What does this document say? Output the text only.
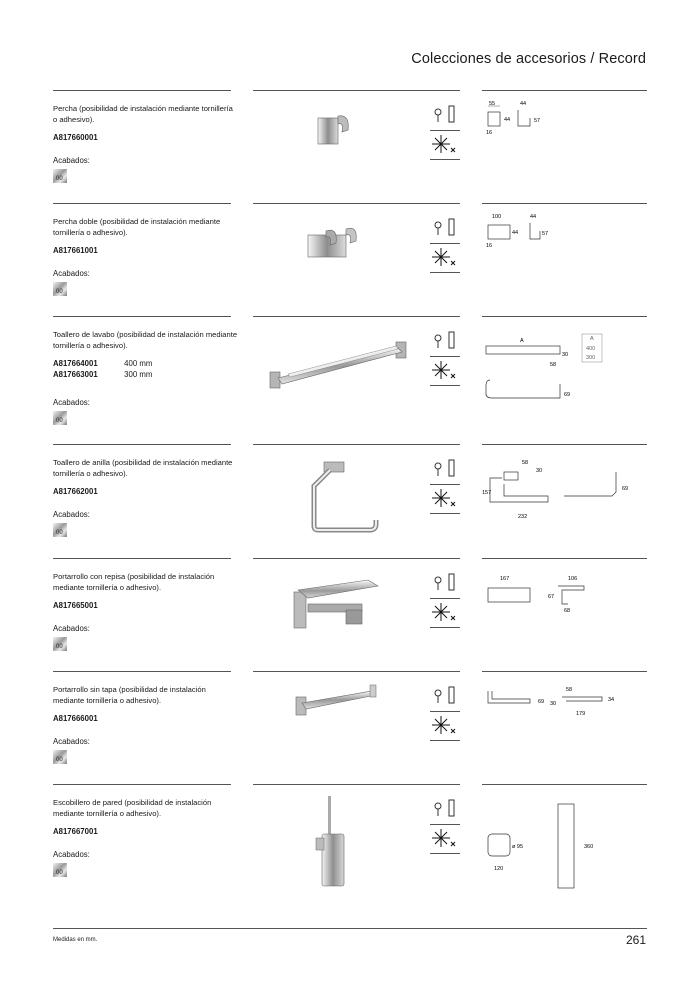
Colecciones de accesorios / Record
Percha (posibilidad de instalación mediante tornillería o adhesivo).
A817660001
Acabados:
00
55
44
16
44
57
Percha doble (posibilidad de instalación mediante tornillería o adhesivo).
A817661001
Acabados:
00
100
44
16
44
57
Toallero de lavabo (posibilidad de instalación mediante tornillería o adhesivo).
A817664001	400 mm
A817663001	300 mm
Acabados:
00
A
30
58
A
400
300
69
Toallero de anilla (posibilidad de instalación mediante tornillería o adhesivo).
A817662001
Acabados:
00
58
30
157
232
69
Portarrollo con repisa (posibilidad de instalación mediante tornillería o adhesivo).
A817665001
Acabados:
00
167	106
67
68
Portarrollo sin tapa (posibilidad de instalación mediante tornillería o adhesivo).
A817666001
Acabados:
00
69 30
58
34
179
Escobillero de pared (posibilidad de instalación mediante tornillería o adhesivo).
A817667001
Acabados:
00
ø 95
120
360
Medidas en mm.	261
